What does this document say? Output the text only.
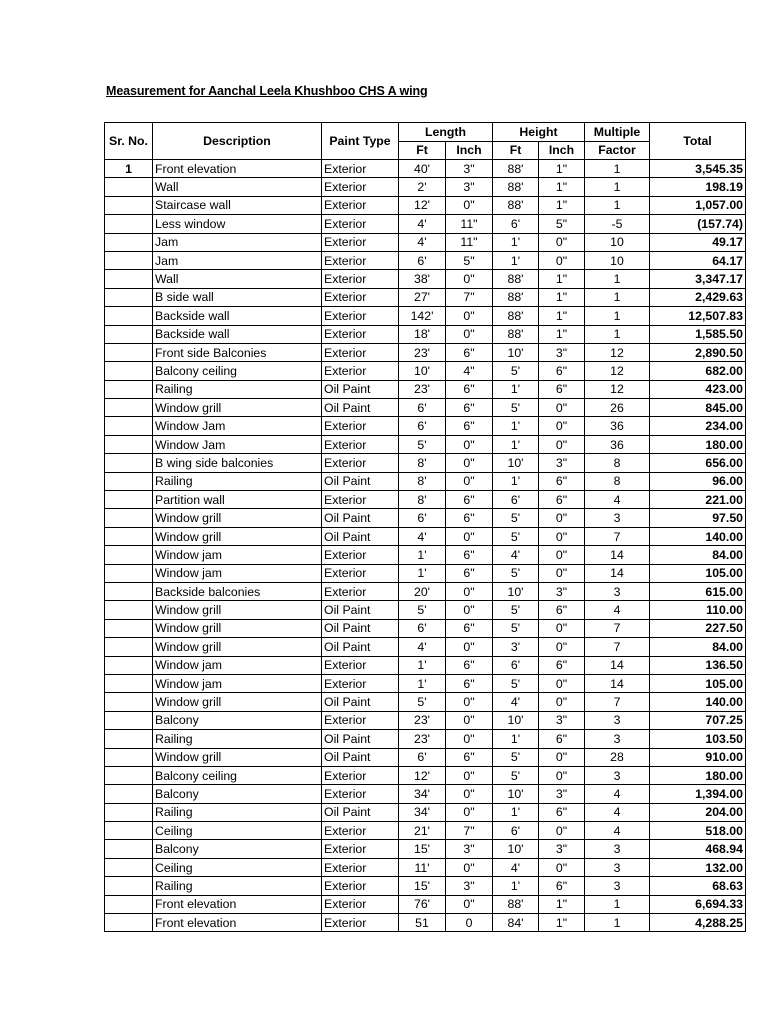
Measurement for Aanchal Leela Khushboo CHS A wing
Sr. No.	Description	Paint Type	Length		Height		Multiple	Total
			Ft	Inch	Ft	Inch	Factor	
1	Front elevation	Exterior	40'	3"	88'	1"	1	3,545.35
	Wall	Exterior	2'	3"	88'	1"	1	198.19
	Staircase wall	Exterior	12'	0"	88'	1"	1	1,057.00
	Less window	Exterior	4'	11"	6'	5"	-5	(157.74)
	Jam	Exterior	4'	11"	1'	0"	10	49.17
	Jam	Exterior	6'	5"	1'	0"	10	64.17
	Wall	Exterior	38'	0"	88'	1"	1	3,347.17
	B side wall	Exterior	27'	7"	88'	1"	1	2,429.63
	Backside wall	Exterior	142'	0"	88'	1"	1	12,507.83
	Backside wall	Exterior	18'	0"	88'	1"	1	1,585.50
	Front side Balconies	Exterior	23'	6"	10'	3"	12	2,890.50
	Balcony ceiling	Exterior	10'	4"	5'	6"	12	682.00
	Railing	Oil Paint	23'	6"	1'	6"	12	423.00
	Window grill	Oil Paint	6'	6"	5'	0"	26	845.00
	Window Jam	Exterior	6'	6"	1'	0"	36	234.00
	Window Jam	Exterior	5'	0"	1'	0"	36	180.00
	B wing side balconies	Exterior	8'	0"	10'	3"	8	656.00
	Railing	Oil Paint	8'	0"	1'	6"	8	96.00
	Partition wall	Exterior	8'	6"	6'	6"	4	221.00
	Window grill	Oil Paint	6'	6"	5'	0"	3	97.50
	Window grill	Oil Paint	4'	0"	5'	0"	7	140.00
	Window jam	Exterior	1'	6"	4'	0"	14	84.00
	Window jam	Exterior	1'	6"	5'	0"	14	105.00
	Backside balconies	Exterior	20'	0"	10'	3"	3	615.00
	Window grill	Oil Paint	5'	0"	5'	6"	4	110.00
	Window grill	Oil Paint	6'	6"	5'	0"	7	227.50
	Window grill	Oil Paint	4'	0"	3'	0"	7	84.00
	Window jam	Exterior	1'	6"	6'	6"	14	136.50
	Window jam	Exterior	1'	6"	5'	0"	14	105.00
	Window grill	Oil Paint	5'	0"	4'	0"	7	140.00
	Balcony	Exterior	23'	0"	10'	3"	3	707.25
	Railing	Oil Paint	23'	0"	1'	6"	3	103.50
	Window grill	Oil Paint	6'	6"	5'	0"	28	910.00
	Balcony ceiling	Exterior	12'	0"	5'	0"	3	180.00
	Balcony	Exterior	34'	0"	10'	3"	4	1,394.00
	Railing	Oil Paint	34'	0"	1'	6"	4	204.00
	Ceiling	Exterior	21'	7"	6'	0"	4	518.00
	Balcony	Exterior	15'	3"	10'	3"	3	468.94
	Ceiling	Exterior	11'	0"	4'	0"	3	132.00
	Railing	Exterior	15'	3"	1'	6"	3	68.63
	Front elevation	Exterior	76'	0"	88'	1"	1	6,694.33
	Front elevation	Exterior	51	0	84'	1"	1	4,288.25
